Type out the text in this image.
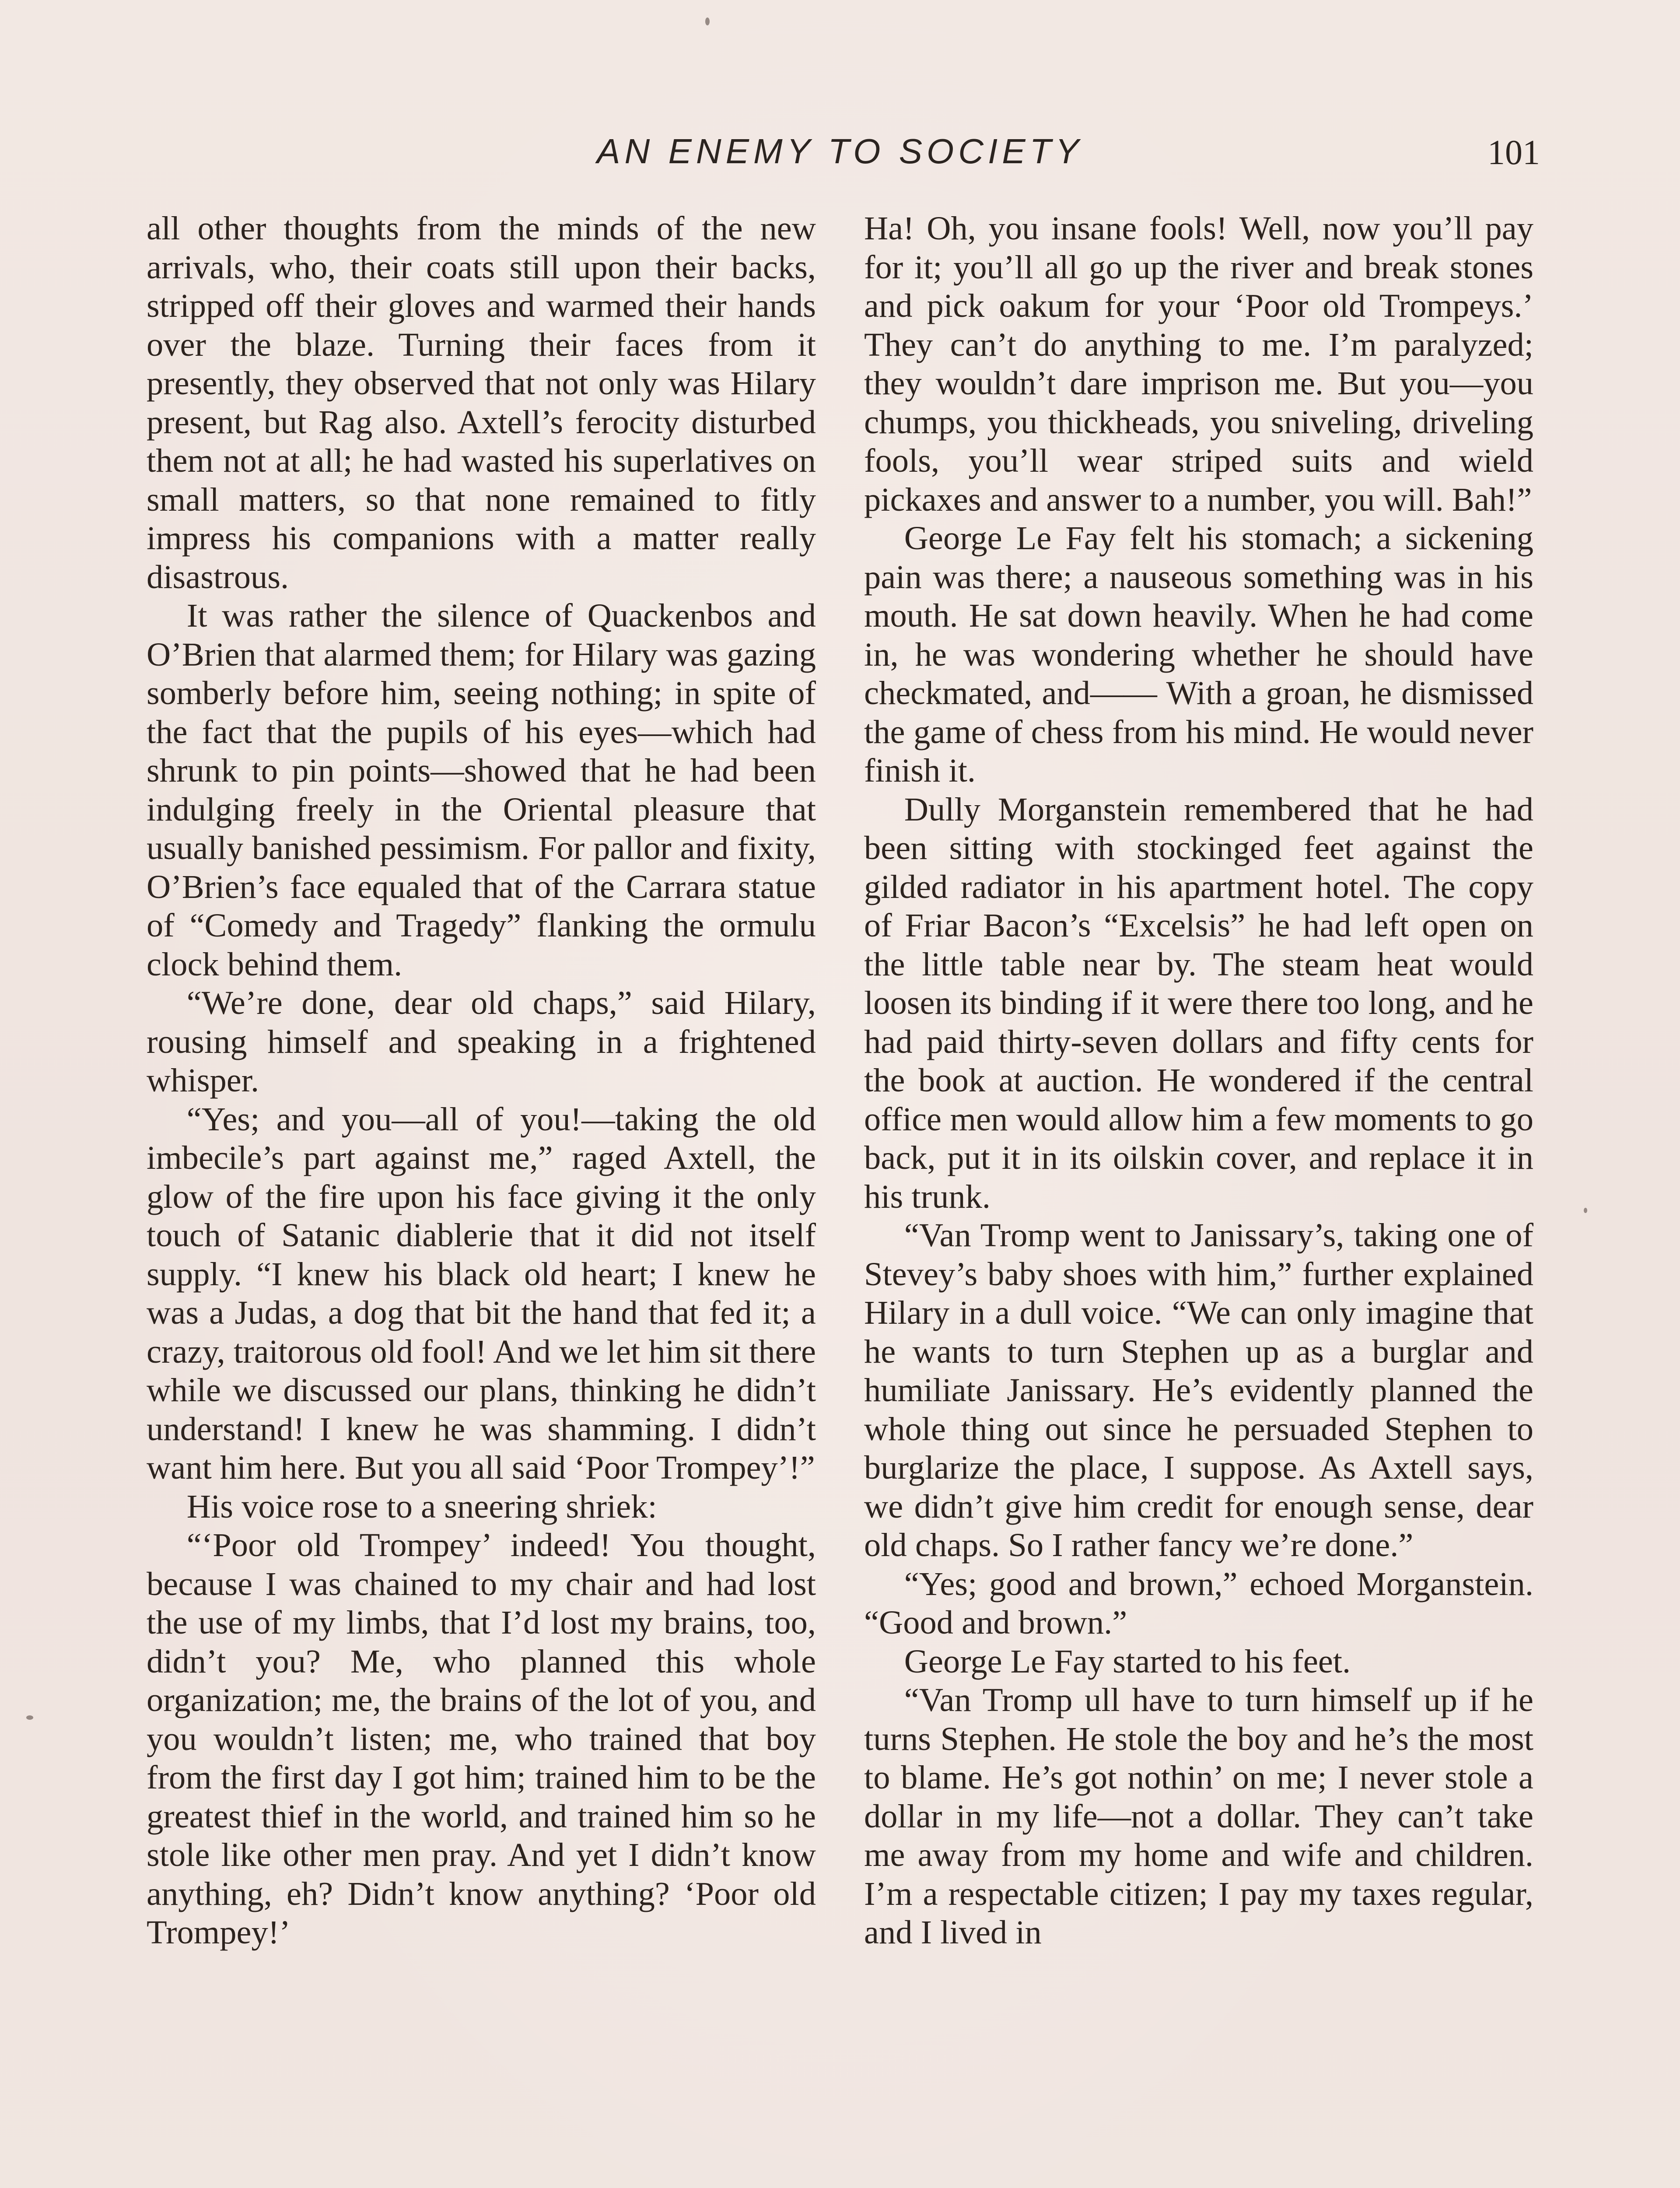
AN ENEMY TO SOCIETY	101

all other thoughts from the minds of the new arrivals, who, their coats still upon their backs, stripped off their gloves and warmed their hands over the blaze. Turning their faces from it presently, they observed that not only was Hilary present, but Rag also. Axtell’s ferocity disturbed them not at all; he had wasted his superlatives on small matters, so that none remained to fitly impress his companions with a matter really disastrous.

It was rather the silence of Quackenbos and O’Brien that alarmed them; for Hilary was gazing somberly before him, seeing nothing; in spite of the fact that the pupils of his eyes—which had shrunk to pin points—showed that he had been indulging freely in the Oriental pleasure that usually banished pessimism. For pallor and fixity, O’Brien’s face equaled that of the Carrara statue of “Comedy and Tragedy” flanking the ormulu clock behind them.

“We’re done, dear old chaps,” said Hilary, rousing himself and speaking in a frightened whisper.

“Yes; and you—all of you!—taking the old imbecile’s part against me,” raged Axtell, the glow of the fire upon his face giving it the only touch of Satanic diablerie that it did not itself supply. “I knew his black old heart; I knew he was a Judas, a dog that bit the hand that fed it; a crazy, traitorous old fool! And we let him sit there while we discussed our plans, thinking he didn’t understand! I knew he was shamming. I didn’t want him here. But you all said ‘Poor Trompey’!”

His voice rose to a sneering shriek:

“‘Poor old Trompey’ indeed! You thought, because I was chained to my chair and had lost the use of my limbs, that I’d lost my brains, too, didn’t you? Me, who planned this whole organization; me, the brains of the lot of you, and you wouldn’t listen; me, who trained that boy from the first day I got him; trained him to be the greatest thief in the world, and trained him so he stole like other men pray. And yet I didn’t know anything, eh? Didn’t know anything? ‘Poor old Trompey!’

Ha! Oh, you insane fools! Well, now you’ll pay for it; you’ll all go up the river and break stones and pick oakum for your ‘Poor old Trompeys.’ They can’t do anything to me. I’m paralyzed; they wouldn’t dare imprison me. But you—you chumps, you thickheads, you sniveling, driveling fools, you’ll wear striped suits and wield pickaxes and answer to a number, you will. Bah!”

George Le Fay felt his stomach; a sickening pain was there; a nauseous something was in his mouth. He sat down heavily. When he had come in, he was wondering whether he should have checkmated, and—— With a groan, he dismissed the game of chess from his mind. He would never finish it.

Dully Morganstein remembered that he had been sitting with stockinged feet against the gilded radiator in his apartment hotel. The copy of Friar Bacon’s “Excelsis” he had left open on the little table near by. The steam heat would loosen its binding if it were there too long, and he had paid thirty-seven dollars and fifty cents for the book at auction. He wondered if the central office men would allow him a few moments to go back, put it in its oilskin cover, and replace it in his trunk.

“Van Tromp went to Janissary’s, taking one of Stevey’s baby shoes with him,” further explained Hilary in a dull voice. “We can only imagine that he wants to turn Stephen up as a burglar and humiliate Janissary. He’s evidently planned the whole thing out since he persuaded Stephen to burglarize the place, I suppose. As Axtell says, we didn’t give him credit for enough sense, dear old chaps. So I rather fancy we’re done.”

“Yes; good and brown,” echoed Morganstein. “Good and brown.”

George Le Fay started to his feet.

“Van Tromp ull have to turn himself up if he turns Stephen. He stole the boy and he’s the most to blame. He’s got nothin’ on me; I never stole a dollar in my life—not a dollar. They can’t take me away from my home and wife and children. I’m a respectable citizen; I pay my taxes regular, and I lived in
